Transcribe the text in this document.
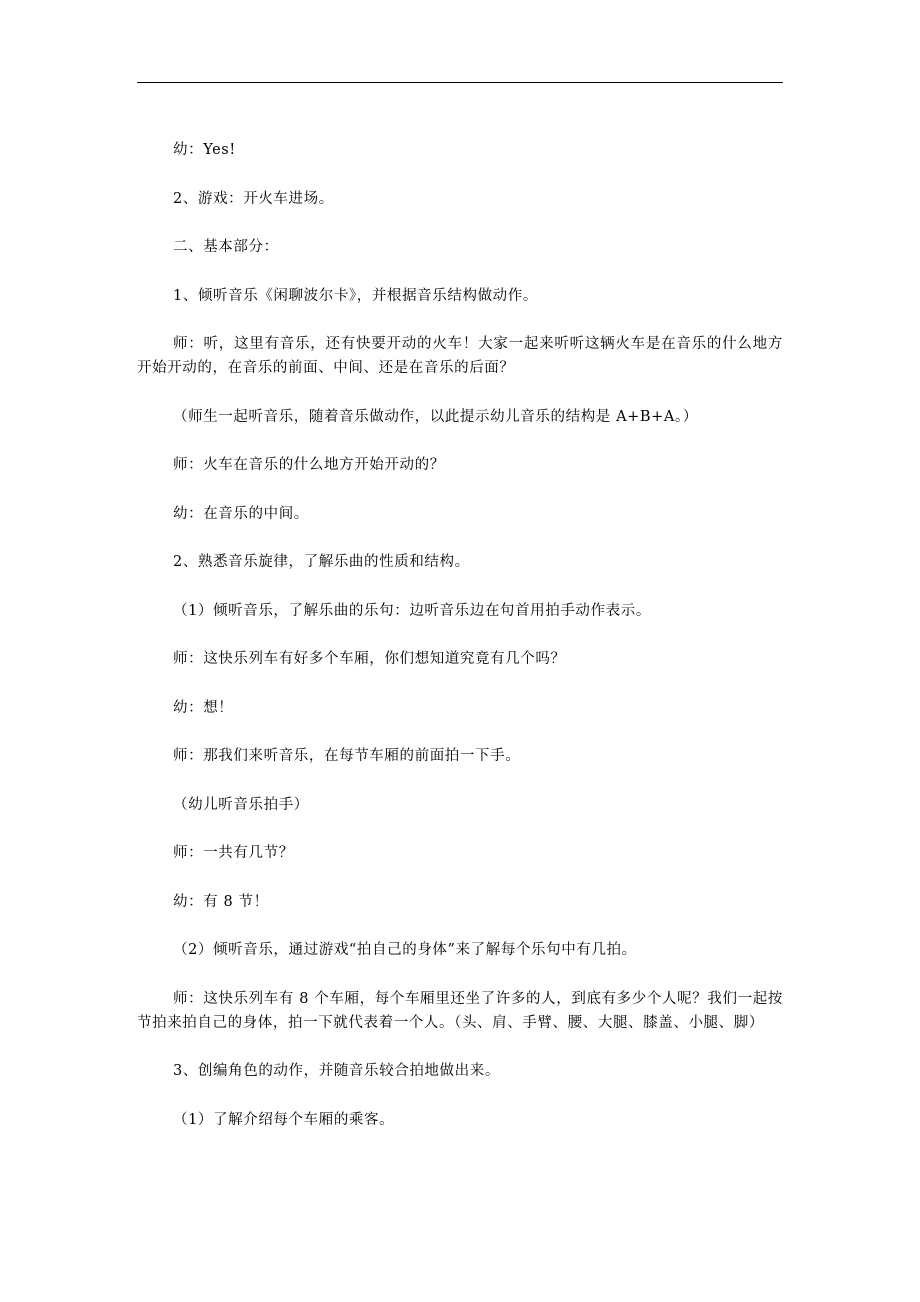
幼：Yes!

2、游戏：开火车进场。

二、基本部分：

1、倾听音乐《闲聊波尔卡》，并根据音乐结构做动作。

师：听，这里有音乐，还有快要开动的火车！大家一起来听听这辆火车是在音乐的什么地方开始开动的，在音乐的前面、中间、还是在音乐的后面？

（师生一起听音乐，随着音乐做动作，以此提示幼儿音乐的结构是 A+B+A。）

师：火车在音乐的什么地方开始开动的？

幼：在音乐的中间。

2、熟悉音乐旋律，了解乐曲的性质和结构。

（1）倾听音乐，了解乐曲的乐句：边听音乐边在句首用拍手动作表示。

师：这快乐列车有好多个车厢，你们想知道究竟有几个吗？

幼：想！

师：那我们来听音乐，在每节车厢的前面拍一下手。

（幼儿听音乐拍手）

师：一共有几节？

幼：有 8 节！

（2）倾听音乐，通过游戏“拍自己的身体”来了解每个乐句中有几拍。

师：这快乐列车有 8 个车厢，每个车厢里还坐了许多的人，到底有多少个人呢？我们一起按节拍来拍自己的身体，拍一下就代表着一个人。（头、肩、手臂、腰、大腿、膝盖、小腿、脚）

3、创编角色的动作，并随音乐较合拍地做出来。

（1）了解介绍每个车厢的乘客。
